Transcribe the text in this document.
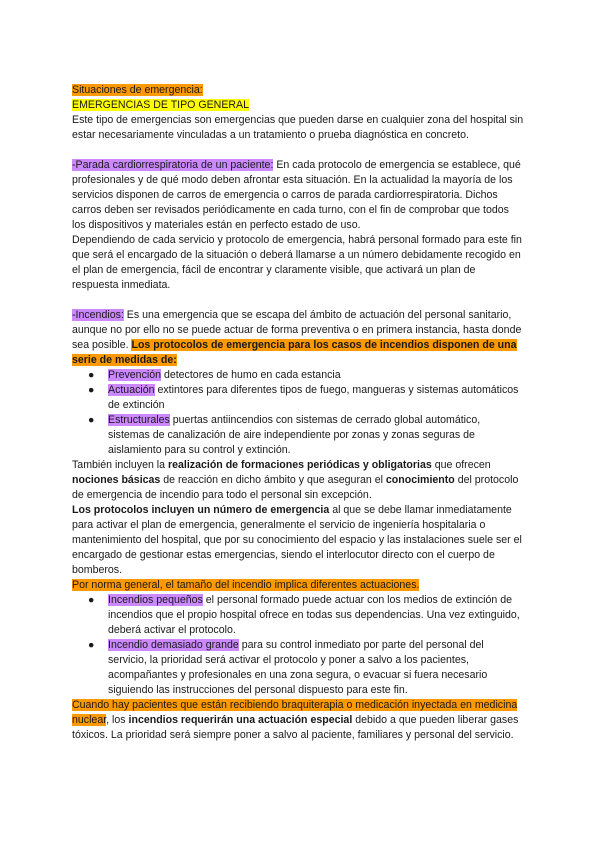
Situaciones de emergencia:

EMERGENCIAS DE TIPO GENERAL

Este tipo de emergencias son emergencias que pueden darse en cualquier zona del hospital sin estar necesariamente vinculadas a un tratamiento o prueba diagnóstica en concreto.

-Parada cardiorrespiratoria de un paciente: En cada protocolo de emergencia se establece, qué profesionales y de qué modo deben afrontar esta situación. En la actualidad la mayoría de los servicios disponen de carros de emergencia o carros de parada cardiorrespiratoria. Dichos carros deben ser revisados periódicamente en cada turno, con el fin de comprobar que todos los dispositivos y materiales están en perfecto estado de uso.

Dependiendo de cada servicio y protocolo de emergencia, habrá personal formado para este fin que será el encargado de la situación o deberá llamarse a un número debidamente recogido en el plan de emergencia, fácil de encontrar y claramente visible, que activará un plan de respuesta inmediata.

-Incendios: Es una emergencia que se escapa del ámbito de actuación del personal sanitario, aunque no por ello no se puede actuar de forma preventiva o en primera instancia, hasta donde sea posible. Los protocolos de emergencia para los casos de incendios disponen de una serie de medidas de:

● Prevención detectores de humo en cada estancia
● Actuación extintores para diferentes tipos de fuego, mangueras y sistemas automáticos de extinción
● Estructurales puertas antiincendios con sistemas de cerrado global automático, sistemas de canalización de aire independiente por zonas y zonas seguras de aislamiento para su control y extinción.

También incluyen la realización de formaciones periódicas y obligatorias que ofrecen nociones básicas de reacción en dicho ámbito y que aseguran el conocimiento del protocolo de emergencia de incendio para todo el personal sin excepción.

Los protocolos incluyen un número de emergencia al que se debe llamar inmediatamente para activar el plan de emergencia, generalmente el servicio de ingeniería hospitalaria o mantenimiento del hospital, que por su conocimiento del espacio y las instalaciones suele ser el encargado de gestionar estas emergencias, siendo el interlocutor directo con el cuerpo de bomberos.

Por norma general, el tamaño del incendio implica diferentes actuaciones.

● Incendios pequeños el personal formado puede actuar con los medios de extinción de incendios que el propio hospital ofrece en todas sus dependencias. Una vez extinguido, deberá activar el protocolo.
● Incendio demasiado grande para su control inmediato por parte del personal del servicio, la prioridad será activar el protocolo y poner a salvo a los pacientes, acompañantes y profesionales en una zona segura, o evacuar si fuera necesario siguiendo las instrucciones del personal dispuesto para este fin.

Cuando hay pacientes que están recibiendo braquiterapia o medicación inyectada en medicina nuclear, los incendios requerirán una actuación especial debido a que pueden liberar gases tóxicos. La prioridad será siempre poner a salvo al paciente, familiares y personal del servicio.
